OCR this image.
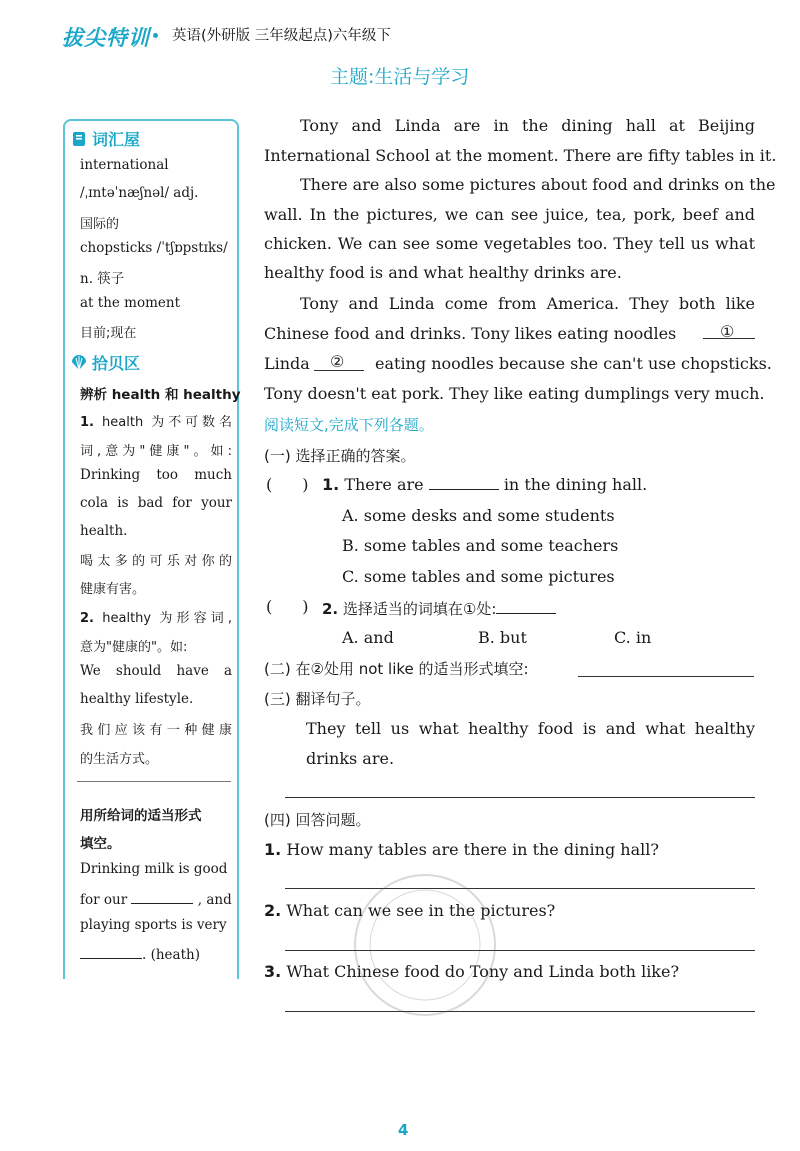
拔尖特训 英语(外研版 三年级起点)六年级下
主题:生活与学习
词汇屋
international
/ˌɪntəˈnæʃnəl/ adj.
国际的
chopsticks /ˈtʃɒpstɪks/
n. 筷子
at the moment
目前;现在
拾贝区
辨析 health 和 healthy
1. health 为不可数名
词,意为"健康"。如:
Drinking too much
cola is bad for your
health.
喝太多的可乐对你的
健康有害。
2. healthy 为形容词,
意为"健康的"。如:
We should have a
healthy lifestyle.
我们应该有一种健康
的生活方式。
用所给词的适当形式
填空。
Drinking milk is good
for our	, and
playing sports is very
. (heath)
Tony and Linda are in the dining hall at Beijing
International School at the moment. There are fifty tables in it.
There are also some pictures about food and drinks on the
wall. In the pictures, we can see juice, tea, pork, beef and
chicken. We can see some vegetables too. They tell us what
healthy food is and what healthy drinks are.
Tony and Linda come from America. They both like
Chinese food and drinks. Tony likes eating noodles	①
Linda ② eating noodles because she can't use chopsticks.
Tony doesn't eat pork. They like eating dumplings very much.
阅读短文,完成下列各题。
(一) 选择正确的答案。
( ) 1. There are	in the dining hall.
A. some desks and some students
B. some tables and some teachers
C. some tables and some pictures
( ) 2. 选择适当的词填在①处:
A. and	B. but	C. in
(二) 在②处用 not like 的适当形式填空:
(三) 翻译句子。
They tell us what healthy food is and what healthy
drinks are.
(四) 回答问题。
1. How many tables are there in the dining hall?
2. What can we see in the pictures?
3. What Chinese food do Tony and Linda both like?
4
